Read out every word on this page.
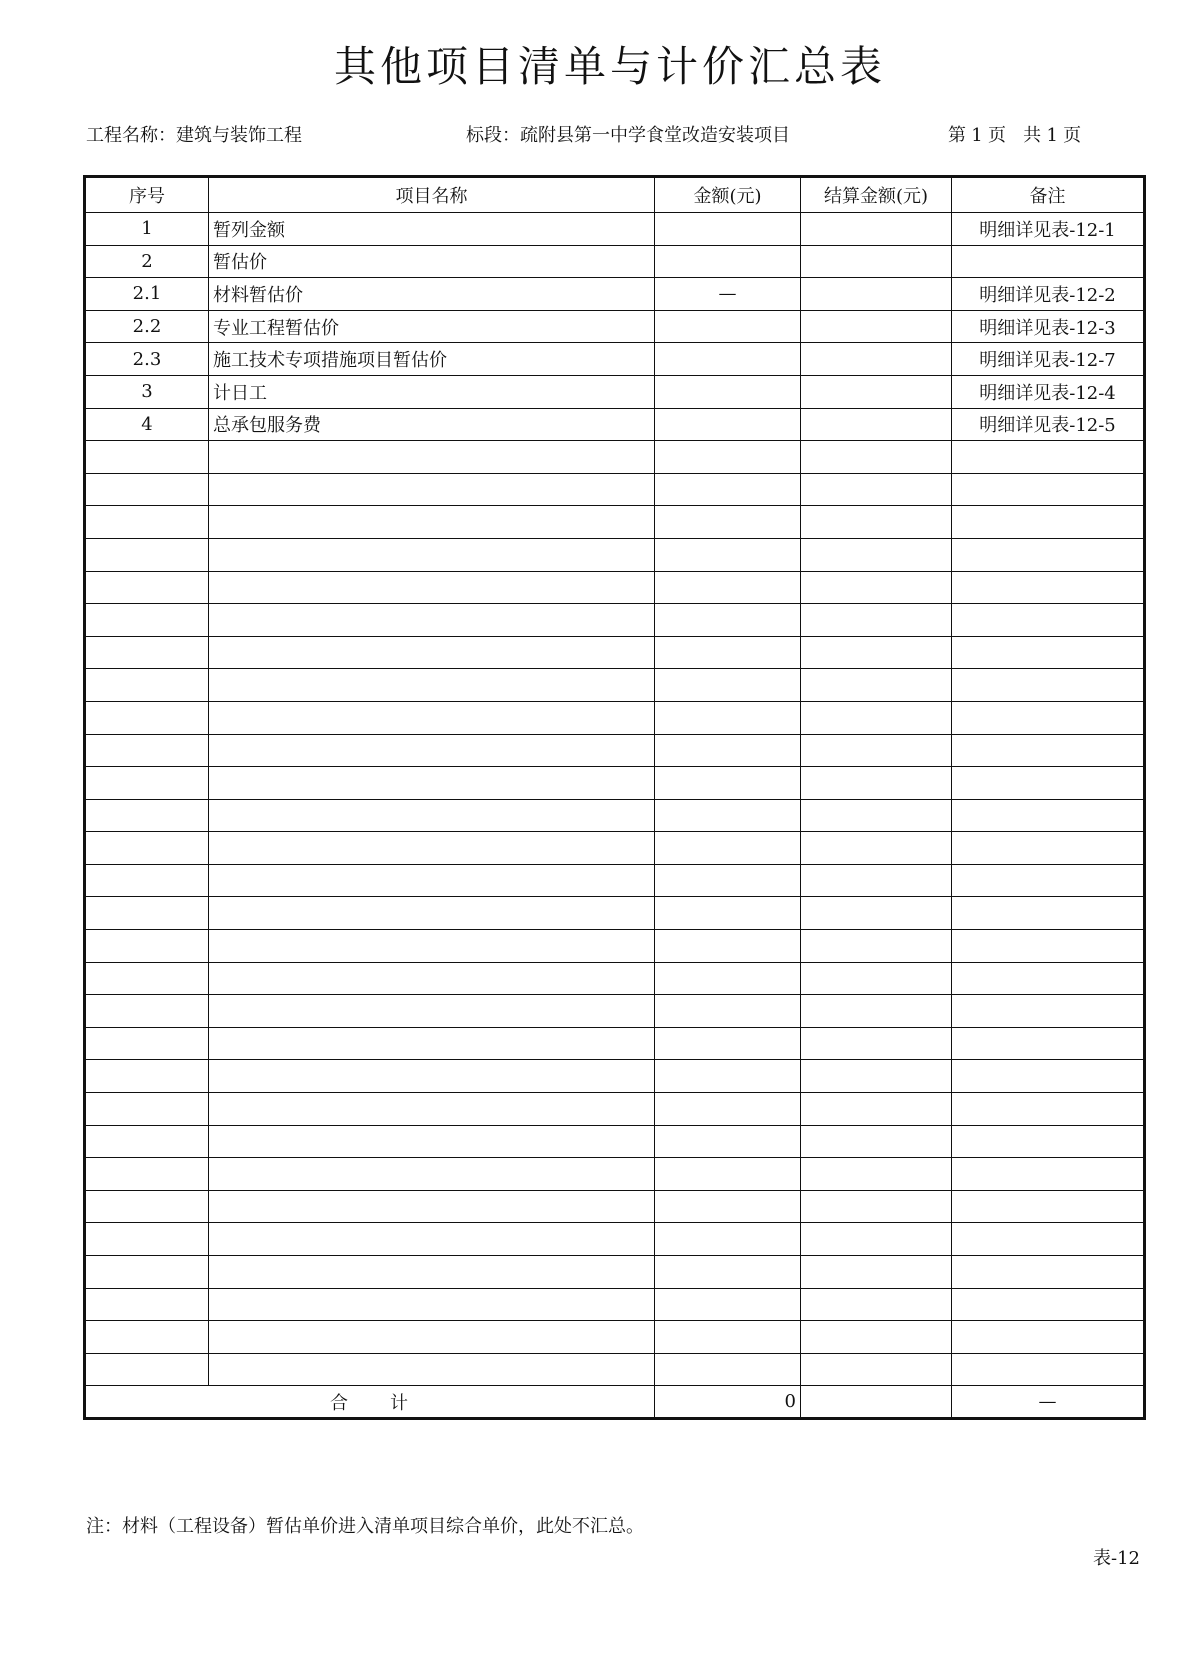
其他项目清单与计价汇总表
工程名称：建筑与装饰工程	标段：疏附县第一中学食堂改造安装项目	第 1 页 共 1 页
序号	项目名称	金额(元)	结算金额(元)	备注
1	暂列金额			明细详见表-12-1
2	暂估价			
2.1	材料暂估价	—		明细详见表-12-2
2.2	专业工程暂估价			明细详见表-12-3
2.3	施工技术专项措施项目暂估价			明细详见表-12-7
3	计日工			明细详见表-12-4
4	总承包服务费			明细详见表-12-5

合 计		0		—
注：材料（工程设备）暂估单价进入清单项目综合单价，此处不汇总。
表-12
